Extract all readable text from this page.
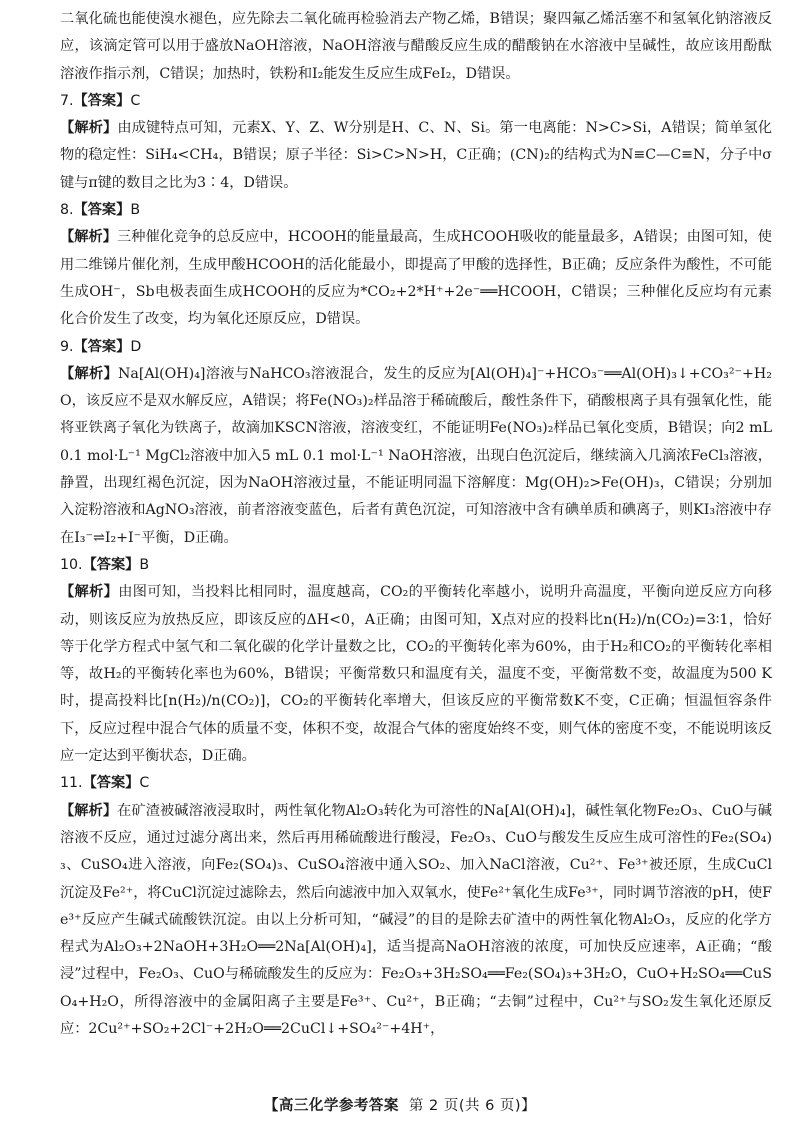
二氧化硫也能使溴水褪色，应先除去二氧化硫再检验消去产物乙烯，B错误；聚四氟乙烯活塞不和氢氧化钠溶液反应，该滴定管可以用于盛放NaOH溶液，NaOH溶液与醋酸反应生成的醋酸钠在水溶液中呈碱性，故应该用酚酞溶液作指示剂，C错误；加热时，铁粉和I₂能发生反应生成FeI₂，D错误。
7.【答案】C
【解析】由成键特点可知，元素X、Y、Z、W分别是H、C、N、Si。第一电离能：N>C>Si，A错误；简单氢化物的稳定性：SiH₄<CH₄，B错误；原子半径：Si>C>N>H，C正确；(CN)₂的结构式为N≡C—C≡N，分子中σ键与π键的数目之比为3∶4，D错误。
8.【答案】B
【解析】三种催化竞争的总反应中，HCOOH的能量最高，生成HCOOH吸收的能量最多，A错误；由图可知，使用二维锑片催化剂，生成甲酸HCOOH的活化能最小，即提高了甲酸的选择性，B正确；反应条件为酸性，不可能生成OH⁻，Sb电极表面生成HCOOH的反应为*CO₂+2*H⁺+2e⁻══HCOOH，C错误；三种催化反应均有元素化合价发生了改变，均为氧化还原反应，D错误。
9.【答案】D
【解析】Na[Al(OH)₄]溶液与NaHCO₃溶液混合，发生的反应为[Al(OH)₄]⁻+HCO₃⁻══Al(OH)₃↓+CO₃²⁻+H₂O，该反应不是双水解反应，A错误；将Fe(NO₃)₂样品溶于稀硫酸后，酸性条件下，硝酸根离子具有强氧化性，能将亚铁离子氧化为铁离子，故滴加KSCN溶液，溶液变红，不能证明Fe(NO₃)₂样品已氧化变质，B错误；向2 mL 0.1 mol·L⁻¹ MgCl₂溶液中加入5 mL 0.1 mol·L⁻¹ NaOH溶液，出现白色沉淀后，继续滴入几滴浓FeCl₃溶液，静置，出现红褐色沉淀，因为NaOH溶液过量，不能证明同温下溶解度：Mg(OH)₂>Fe(OH)₃，C错误；分别加入淀粉溶液和AgNO₃溶液，前者溶液变蓝色，后者有黄色沉淀，可知溶液中含有碘单质和碘离子，则KI₃溶液中存在I₃⁻⇌I₂+I⁻平衡，D正确。
10.【答案】B
【解析】由图可知，当投料比相同时，温度越高，CO₂的平衡转化率越小，说明升高温度，平衡向逆反应方向移动，则该反应为放热反应，即该反应的ΔH<0，A正确；由图可知，X点对应的投料比n(H₂)/n(CO₂)=3∶1，恰好等于化学方程式中氢气和二氧化碳的化学计量数之比，CO₂的平衡转化率为60%，由于H₂和CO₂的平衡转化率相等，故H₂的平衡转化率也为60%，B错误；平衡常数只和温度有关，温度不变，平衡常数不变，故温度为500 K时，提高投料比[n(H₂)/n(CO₂)]，CO₂的平衡转化率增大，但该反应的平衡常数K不变，C正确；恒温恒容条件下，反应过程中混合气体的质量不变，体积不变，故混合气体的密度始终不变，则气体的密度不变，不能说明该反应一定达到平衡状态，D正确。
11.【答案】C
【解析】在矿渣被碱溶液浸取时，两性氧化物Al₂O₃转化为可溶性的Na[Al(OH)₄]，碱性氧化物Fe₂O₃、CuO与碱溶液不反应，通过过滤分离出来，然后再用稀硫酸进行酸浸，Fe₂O₃、CuO与酸发生反应生成可溶性的Fe₂(SO₄)₃、CuSO₄进入溶液，向Fe₂(SO₄)₃、CuSO₄溶液中通入SO₂、加入NaCl溶液，Cu²⁺、Fe³⁺被还原，生成CuCl沉淀及Fe²⁺，将CuCl沉淀过滤除去，然后向滤液中加入双氧水，使Fe²⁺氧化生成Fe³⁺，同时调节溶液的pH，使Fe³⁺反应产生碱式硫酸铁沉淀。由以上分析可知，“碱浸”的目的是除去矿渣中的两性氧化物Al₂O₃，反应的化学方程式为Al₂O₃+2NaOH+3H₂O══2Na[Al(OH)₄]，适当提高NaOH溶液的浓度，可加快反应速率，A正确；“酸浸”过程中，Fe₂O₃、CuO与稀硫酸发生的反应为：Fe₂O₃+3H₂SO₄══Fe₂(SO₄)₃+3H₂O，CuO+H₂SO₄══CuSO₄+H₂O，所得溶液中的金属阳离子主要是Fe³⁺、Cu²⁺，B正确；“去铜”过程中，Cu²⁺与SO₂发生氧化还原反应：2Cu²⁺+SO₂+2Cl⁻+2H₂O══2CuCl↓+SO₄²⁻+4H⁺，
【高三化学参考答案 第 2 页(共 6 页)】
